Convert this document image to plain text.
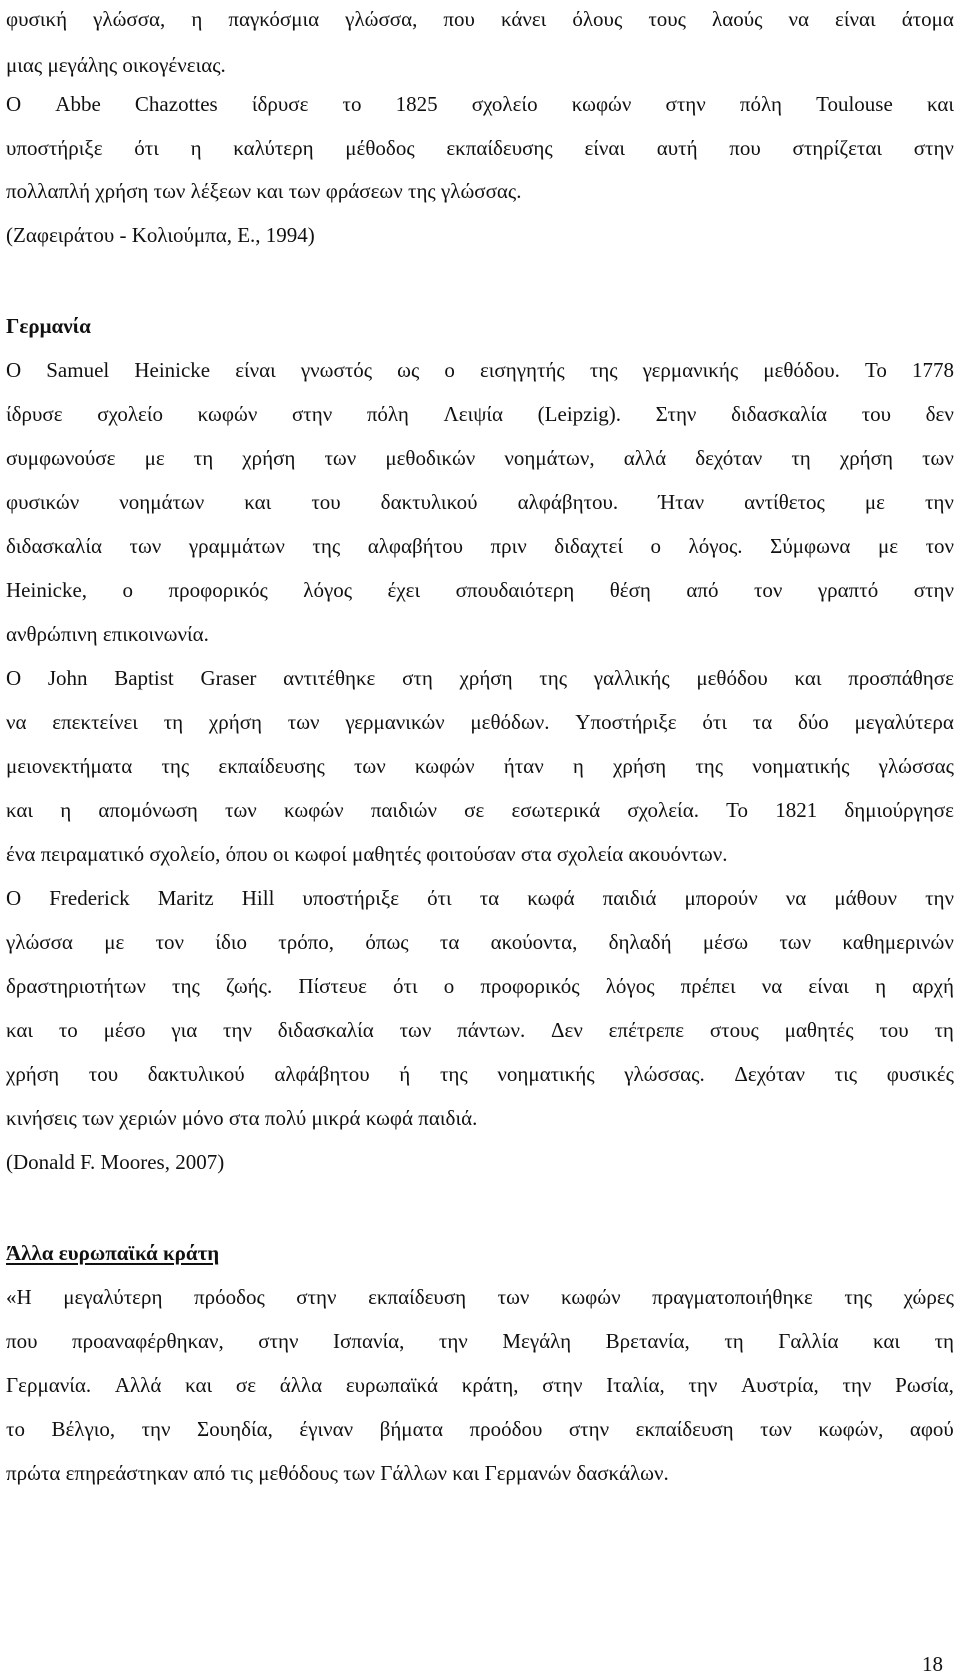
φυσική γλώσσα, η παγκόσμια γλώσσα, που κάνει όλους τους λαούς να είναι άτομα
μιας μεγάλης οικογένειας.
Ο Abbe Chazottes ίδρυσε το 1825 σχολείο κωφών στην πόλη Toulouse και
υποστήριξε ότι η καλύτερη μέθοδος εκπαίδευσης είναι αυτή που στηρίζεται στην
πολλαπλή χρήση των λέξεων και των φράσεων της γλώσσας.
(Ζαφειράτου - Κολιούμπα, Ε., 1994)
Γερμανία
Ο Samuel Heinicke είναι γνωστός ως ο εισηγητής της γερμανικής μεθόδου. Το 1778
ίδρυσε σχολείο κωφών στην πόλη Λειψία (Leipzig). Στην διδασκαλία του δεν
συμφωνούσε με τη χρήση των μεθοδικών νοημάτων, αλλά δεχόταν τη χρήση των
φυσικών νοημάτων και του δακτυλικού αλφάβητου. Ήταν αντίθετος με την
διδασκαλία των γραμμάτων της αλφαβήτου πριν διδαχτεί ο λόγος. Σύμφωνα με τον
Heinicke, ο προφορικός λόγος έχει σπουδαιότερη θέση από τον γραπτό στην
ανθρώπινη επικοινωνία.
Ο John Baptist Graser αντιτέθηκε στη χρήση της γαλλικής μεθόδου και προσπάθησε
να επεκτείνει τη χρήση των γερμανικών μεθόδων. Υποστήριξε ότι τα δύο μεγαλύτερα
μειονεκτήματα της εκπαίδευσης των κωφών ήταν η χρήση της νοηματικής γλώσσας
και η απομόνωση των κωφών παιδιών σε εσωτερικά σχολεία. Το 1821 δημιούργησε
ένα πειραματικό σχολείο, όπου οι κωφοί μαθητές φοιτούσαν στα σχολεία ακουόντων.
Ο Frederick Maritz Hill υποστήριξε ότι τα κωφά παιδιά μπορούν να μάθουν την
γλώσσα με τον ίδιο τρόπο, όπως τα ακούοντα, δηλαδή μέσω των καθημερινών
δραστηριοτήτων της ζωής. Πίστευε ότι ο προφορικός λόγος πρέπει να είναι η αρχή
και το μέσο για την διδασκαλία των πάντων. Δεν επέτρεπε στους μαθητές του τη
χρήση του δακτυλικού αλφάβητου ή της νοηματικής γλώσσας. Δεχόταν τις φυσικές
κινήσεις των χεριών μόνο στα πολύ μικρά κωφά παιδιά.
(Donald F. Moores, 2007)
Άλλα ευρωπαϊκά κράτη
«Η μεγαλύτερη πρόοδος στην εκπαίδευση των κωφών πραγματοποιήθηκε της χώρες
που προαναφέρθηκαν, στην Ισπανία, την Μεγάλη Βρετανία, τη Γαλλία και τη
Γερμανία. Αλλά και σε άλλα ευρωπαϊκά κράτη, στην Ιταλία, την Αυστρία, την Ρωσία,
το Βέλγιο, την Σουηδία, έγιναν βήματα προόδου στην εκπαίδευση των κωφών, αφού
πρώτα επηρεάστηκαν από τις μεθόδους των Γάλλων και Γερμανών δασκάλων.
18
